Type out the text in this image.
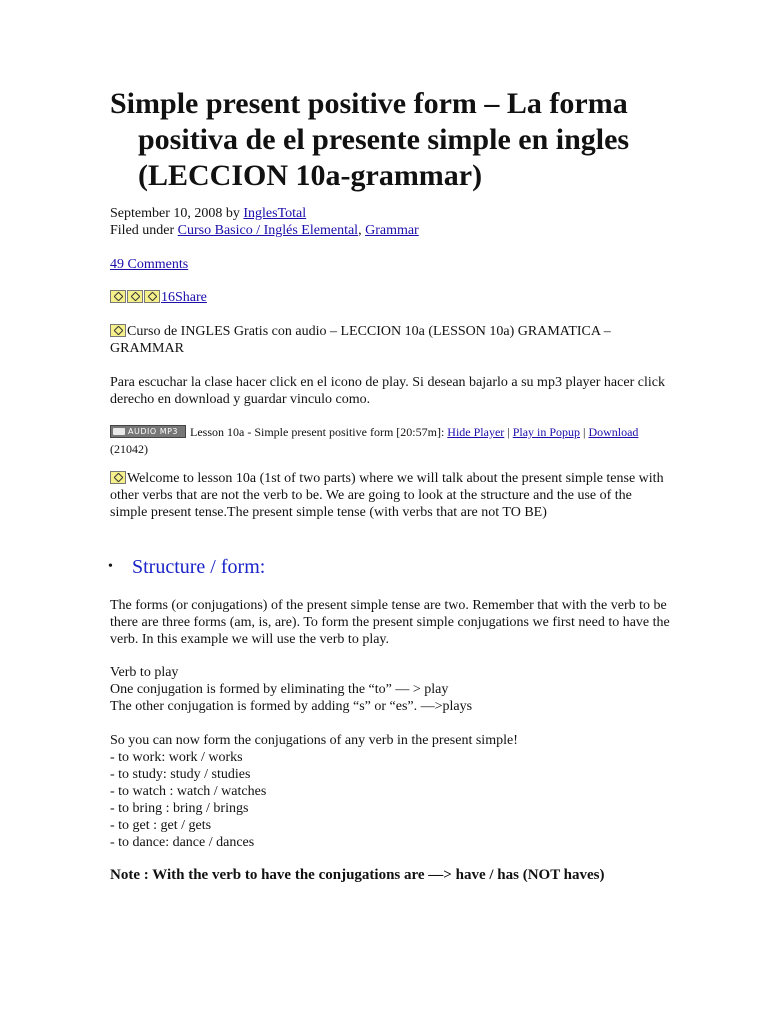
Simple present positive form – La forma positiva de el presente simple en ingles (LECCION 10a-grammar)
September 10, 2008 by InglesTotal
Filed under Curso Basico / Inglés Elemental, Grammar
49 Comments
16Share
Curso de INGLES Gratis con audio – LECCION 10a (LESSON 10a) GRAMATICA – GRAMMAR
Para escuchar la clase hacer click en el icono de play. Si desean bajarlo a su mp3 player hacer click derecho en download y guardar vinculo como.
AUDIO MP3 Lesson 10a - Simple present positive form [20:57m]: Hide Player | Play in Popup | Download
(21042)
Welcome to lesson 10a (1st of two parts) where we will talk about the present simple tense with other verbs that are not the verb to be. We are going to look at the structure and the use of the simple present tense.The present simple tense (with verbs that are not TO BE)
• Structure / form:
The forms (or conjugations) of the present simple tense are two. Remember that with the verb to be there are three forms (am, is, are). To form the present simple conjugations we first need to have the verb. In this example we will use the verb to play.
Verb to play
One conjugation is formed by eliminating the “to” — > play
The other conjugation is formed by adding “s” or “es”. —>plays
So you can now form the conjugations of any verb in the present simple!
- to work: work / works
- to study: study / studies
- to watch : watch / watches
- to bring : bring / brings
- to get : get / gets
- to dance: dance / dances
Note : With the verb to have the conjugations are —> have / has (NOT haves)
